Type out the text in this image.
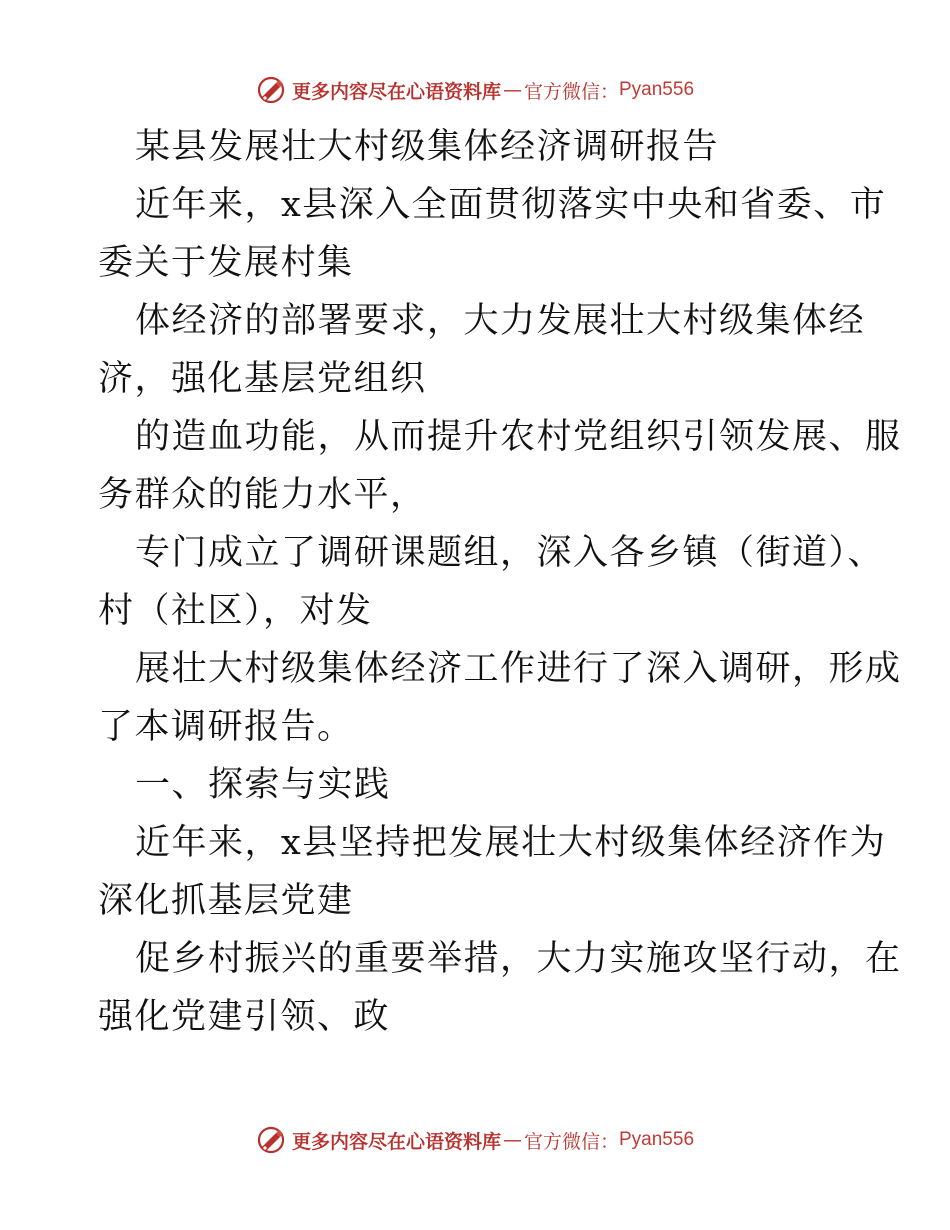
更多内容尽在心语资料库 — 官方微信： Pyan556
某县发展壮大村级集体经济调研报告
近年来，x县深入全面贯彻落实中央和省委、市
委关于发展村集
体经济的部署要求，大力发展壮大村级集体经
济，强化基层党组织
的造血功能，从而提升农村党组织引领发展、服
务群众的能力水平，
专门成立了调研课题组，深入各乡镇（街道）、
村（社区），对发
展壮大村级集体经济工作进行了深入调研，形成
了本调研报告。
一、探索与实践
近年来，x县坚持把发展壮大村级集体经济作为
深化抓基层党建
促乡村振兴的重要举措，大力实施攻坚行动，在
强化党建引领、政
更多内容尽在心语资料库 — 官方微信： Pyan556
